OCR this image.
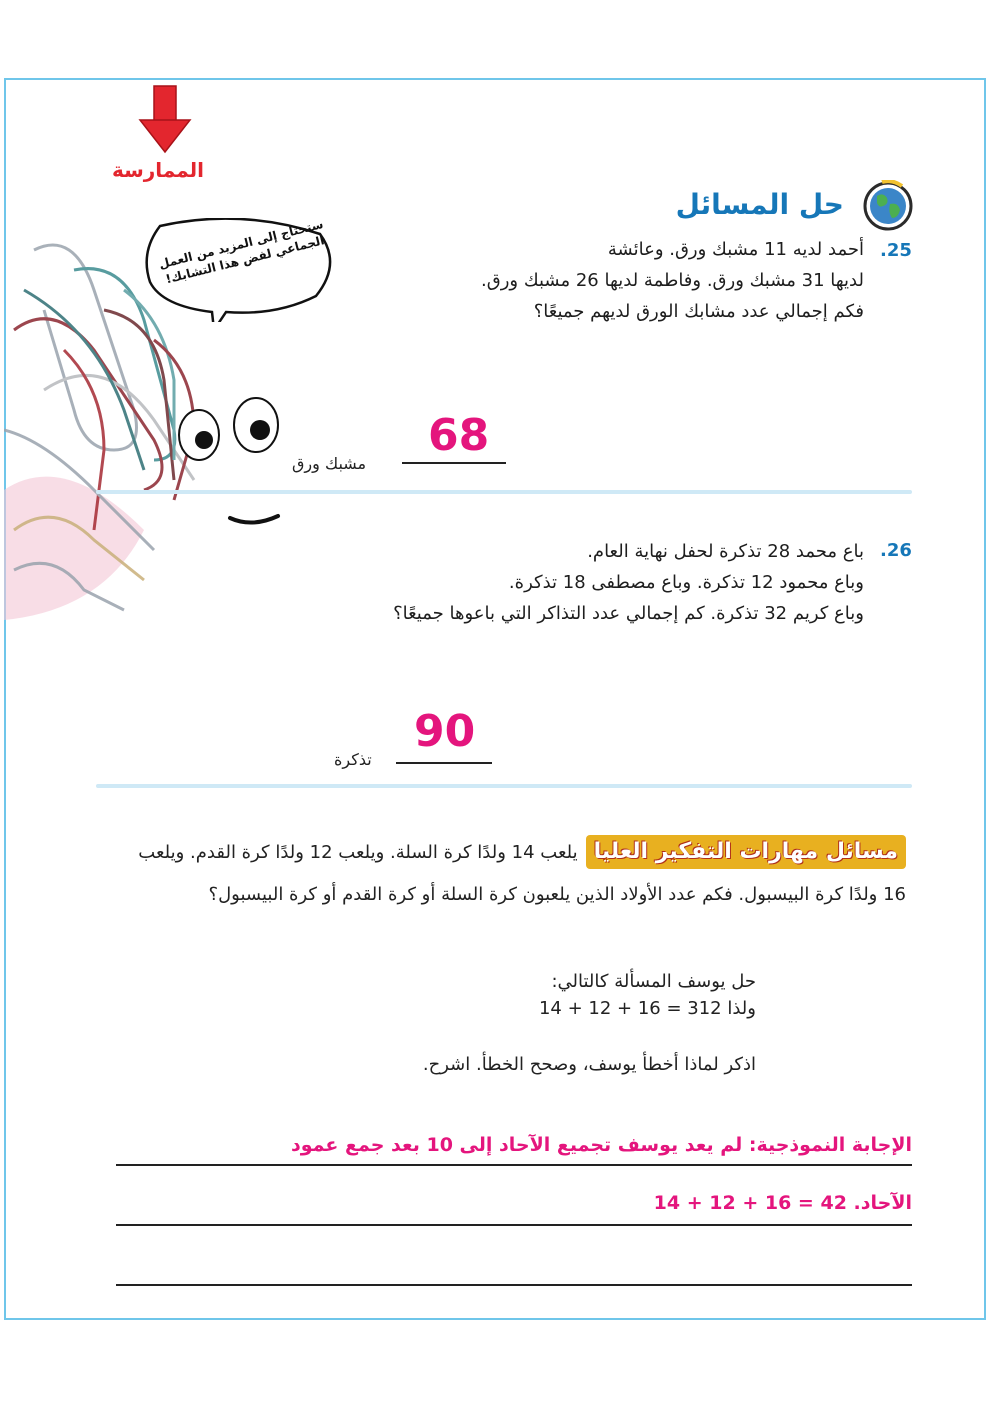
الممارسة
حل المسائل
ستحتاج إلى المزيد من العمل الجماعي لفض هذا التشابك!	.25
أحمد لديه 11 مشبك ورق. وعائشة
لديها 31 مشبك ورق. وفاطمة لديها 26 مشبك ورق.
فكم إجمالي عدد مشابك الورق لديهم جميعًا؟
68
مشبك ورق
.26
باع محمد 28 تذكرة لحفل نهاية العام.
وباع محمود 12 تذكرة. وباع مصطفى 18 تذكرة.
وباع كريم 32 تذكرة. كم إجمالي عدد التذاكر التي باعوها جميعًا؟
90
تذكرة
مسائل مهارات التفكير العليايلعب 14 ولدًا كرة السلة. ويلعب 12 ولدًا كرة القدم. ويلعب 16 ولدًا كرة البيسبول. فكم عدد الأولاد الذين يلعبون كرة السلة أو كرة القدم أو كرة البيسبول؟
حل يوسف المسألة كالتالي:
ولذا 312 = 16 + 12 + 14
اذكر لماذا أخطأ يوسف، وصحح الخطأ. اشرح.
الإجابة النموذجية: لم يعد يوسف تجميع الآحاد إلى 10 بعد جمع عمود
الآحاد. 42 = 16 + 12 + 14
